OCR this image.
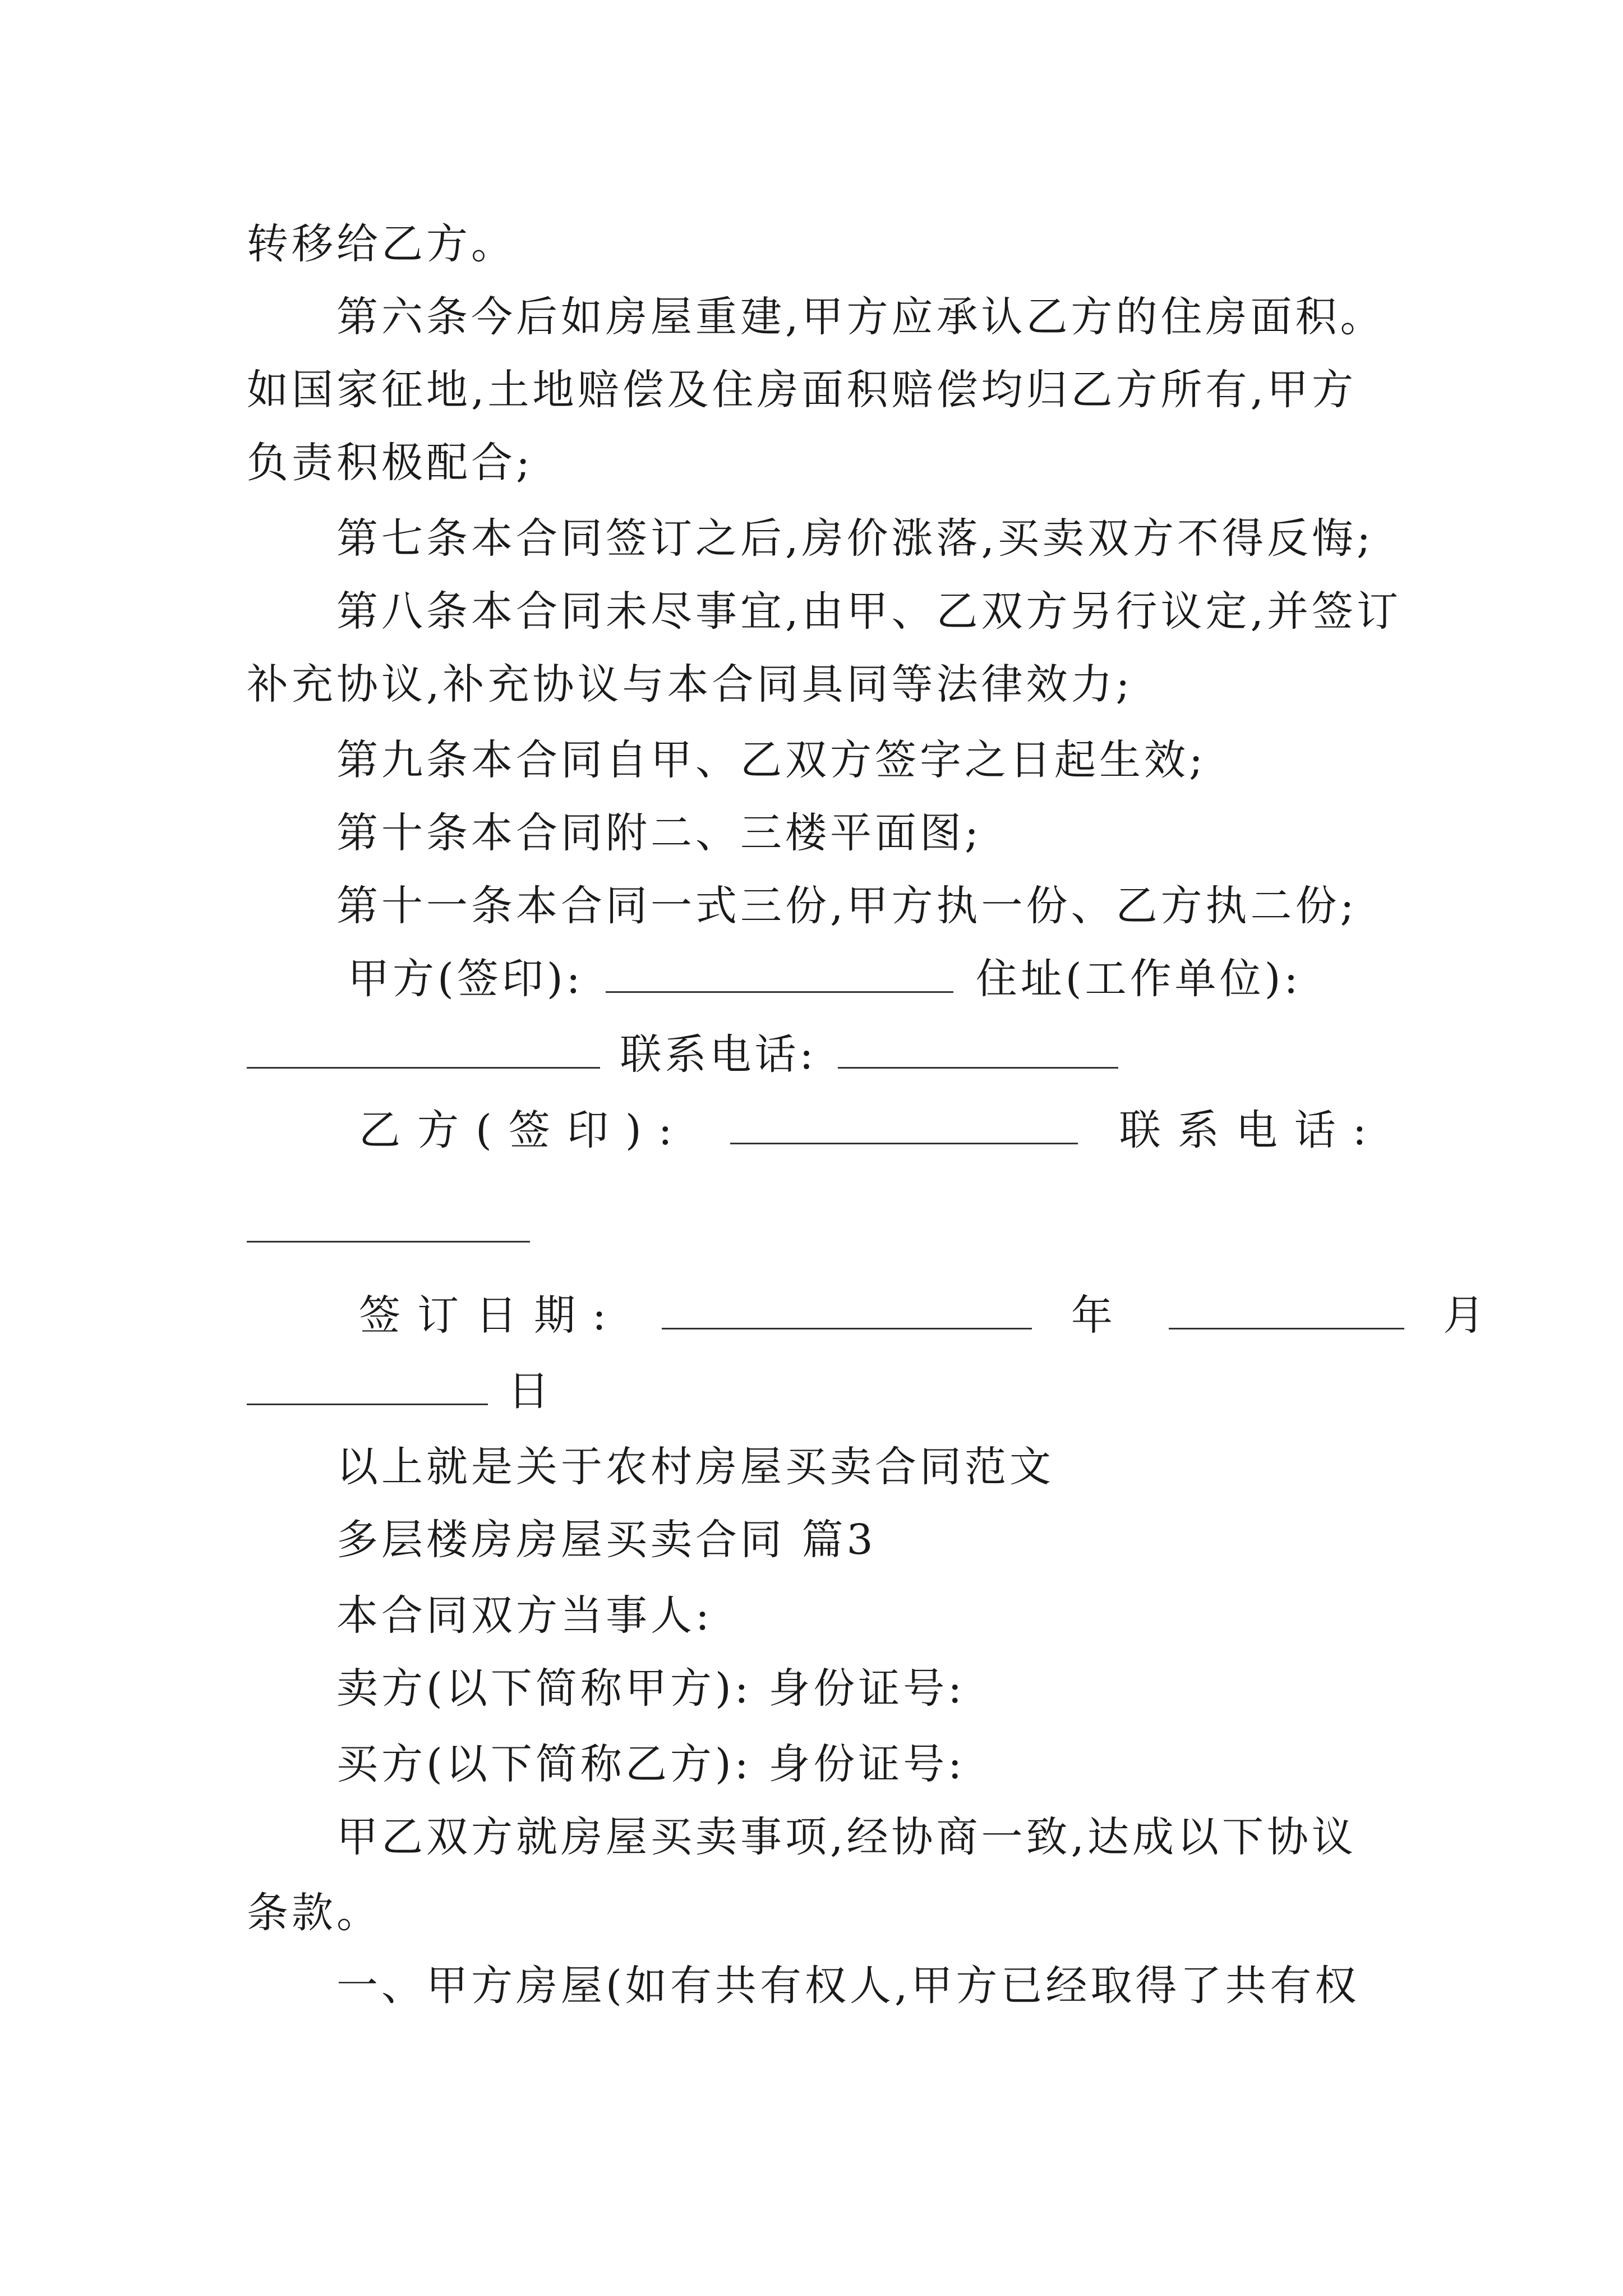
转移给乙方。
第六条今后如房屋重建,甲方应承认乙方的住房面积。
如国家征地,土地赔偿及住房面积赔偿均归乙方所有,甲方
负责积极配合;
第七条本合同签订之后,房价涨落,买卖双方不得反悔;
第八条本合同未尽事宜,由甲、乙双方另行议定,并签订
补充协议,补充协议与本合同具同等法律效力;
第九条本合同自甲、乙双方签字之日起生效;
第十条本合同附二、三楼平面图;
第十一条本合同一式三份,甲方执一份、乙方执二份;
甲方(签印):	住址(工作单位):
联系电话:
乙方(签印):	联系电话:
签订日期:	年	月
日
以上就是关于农村房屋买卖合同范文
多层楼房房屋买卖合同 篇3
本合同双方当事人:
卖方(以下简称甲方): 身份证号:
买方(以下简称乙方): 身份证号:
甲乙双方就房屋买卖事项,经协商一致,达成以下协议
条款。
一、甲方房屋(如有共有权人,甲方已经取得了共有权
